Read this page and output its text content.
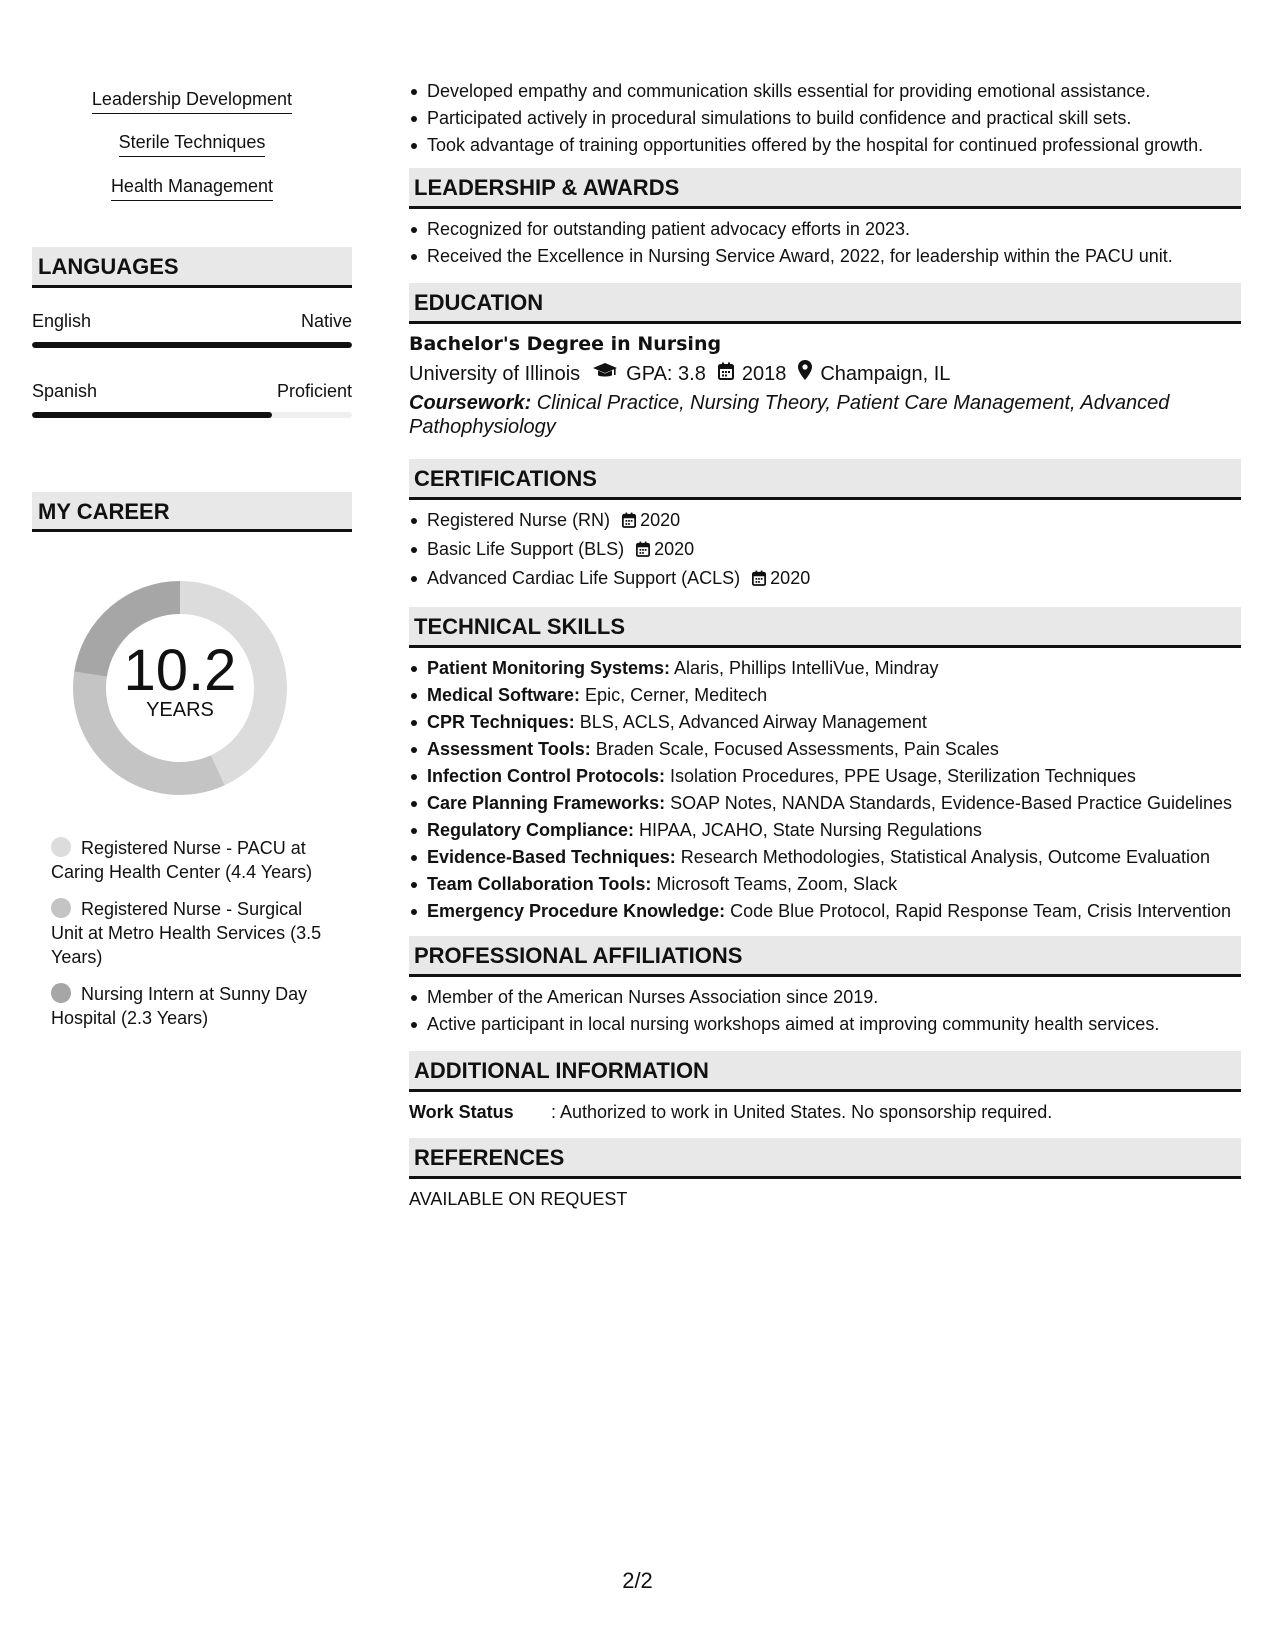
Leadership Development
Sterile Techniques
Health Management
LANGUAGES
English	Native
Spanish	Proficient
MY CAREER
10.2
YEARS
Registered Nurse - PACU at Caring Health Center (4.4 Years)
Registered Nurse - Surgical Unit at Metro Health Services (3.5 Years)
Nursing Intern at Sunny Day Hospital (2.3 Years)
Developed empathy and communication skills essential for providing emotional assistance.
Participated actively in procedural simulations to build confidence and practical skill sets.
Took advantage of training opportunities offered by the hospital for continued professional growth.
LEADERSHIP & AWARDS
Recognized for outstanding patient advocacy efforts in 2023.
Received the Excellence in Nursing Service Award, 2022, for leadership within the PACU unit.
EDUCATION
Bachelor's Degree in Nursing
University of Illinois GPA: 3.8 2018 Champaign, IL
Coursework: Clinical Practice, Nursing Theory, Patient Care Management, Advanced Pathophysiology
CERTIFICATIONS
Registered Nurse (RN) 2020
Basic Life Support (BLS) 2020
Advanced Cardiac Life Support (ACLS) 2020
TECHNICAL SKILLS
Patient Monitoring Systems: Alaris, Phillips IntelliVue, Mindray
Medical Software: Epic, Cerner, Meditech
CPR Techniques: BLS, ACLS, Advanced Airway Management
Assessment Tools: Braden Scale, Focused Assessments, Pain Scales
Infection Control Protocols: Isolation Procedures, PPE Usage, Sterilization Techniques
Care Planning Frameworks: SOAP Notes, NANDA Standards, Evidence-Based Practice Guidelines
Regulatory Compliance: HIPAA, JCAHO, State Nursing Regulations
Evidence-Based Techniques: Research Methodologies, Statistical Analysis, Outcome Evaluation
Team Collaboration Tools: Microsoft Teams, Zoom, Slack
Emergency Procedure Knowledge: Code Blue Protocol, Rapid Response Team, Crisis Intervention
PROFESSIONAL AFFILIATIONS
Member of the American Nurses Association since 2019.
Active participant in local nursing workshops aimed at improving community health services.
ADDITIONAL INFORMATION
Work Status	: Authorized to work in United States. No sponsorship required.
REFERENCES
AVAILABLE ON REQUEST
2/2
